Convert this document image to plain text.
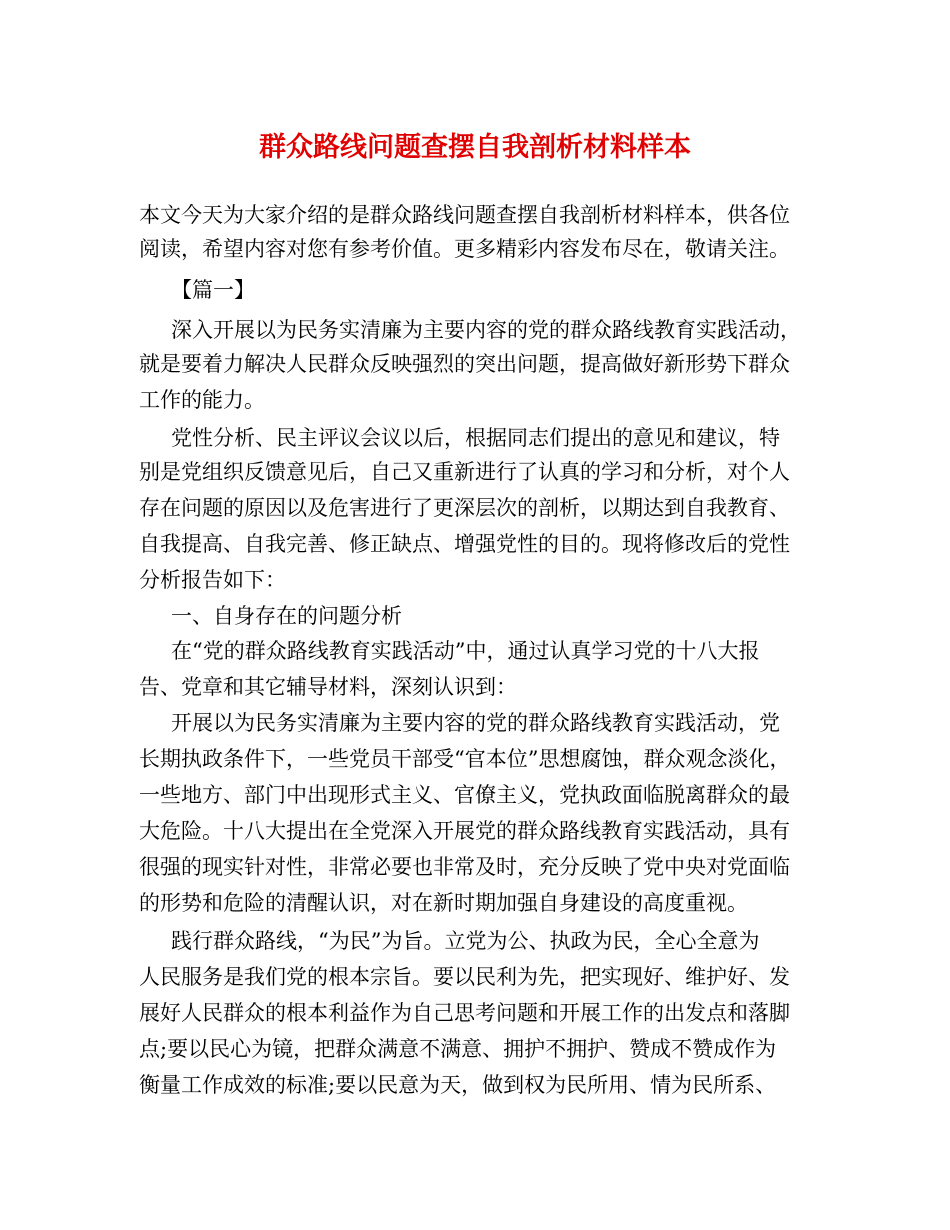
群众路线问题查摆自我剖析材料样本
本文今天为大家介绍的是群众路线问题查摆自我剖析材料样本，供各位
阅读，希望内容对您有参考价值。更多精彩内容发布尽在，敬请关注。
【篇一】
深入开展以为民务实清廉为主要内容的党的群众路线教育实践活动，
就是要着力解决人民群众反映强烈的突出问题，提高做好新形势下群众
工作的能力。
党性分析、民主评议会议以后，根据同志们提出的意见和建议，特
别是党组织反馈意见后，自己又重新进行了认真的学习和分析，对个人
存在问题的原因以及危害进行了更深层次的剖析，以期达到自我教育、
自我提高、自我完善、修正缺点、增强党性的目的。现将修改后的党性
分析报告如下：
一、自身存在的问题分析
在“党的群众路线教育实践活动”中，通过认真学习党的十八大报
告、党章和其它辅导材料，深刻认识到：
开展以为民务实清廉为主要内容的党的群众路线教育实践活动，党
长期执政条件下，一些党员干部受“官本位”思想腐蚀，群众观念淡化，
一些地方、部门中出现形式主义、官僚主义，党执政面临脱离群众的最
大危险。十八大提出在全党深入开展党的群众路线教育实践活动，具有
很强的现实针对性，非常必要也非常及时，充分反映了党中央对党面临
的形势和危险的清醒认识，对在新时期加强自身建设的高度重视。
践行群众路线，“为民”为旨。立党为公、执政为民，全心全意为
人民服务是我们党的根本宗旨。要以民利为先，把实现好、维护好、发
展好人民群众的根本利益作为自己思考问题和开展工作的出发点和落脚
点;要以民心为镜，把群众满意不满意、拥护不拥护、赞成不赞成作为
衡量工作成效的标准;要以民意为天，做到权为民所用、情为民所系、
